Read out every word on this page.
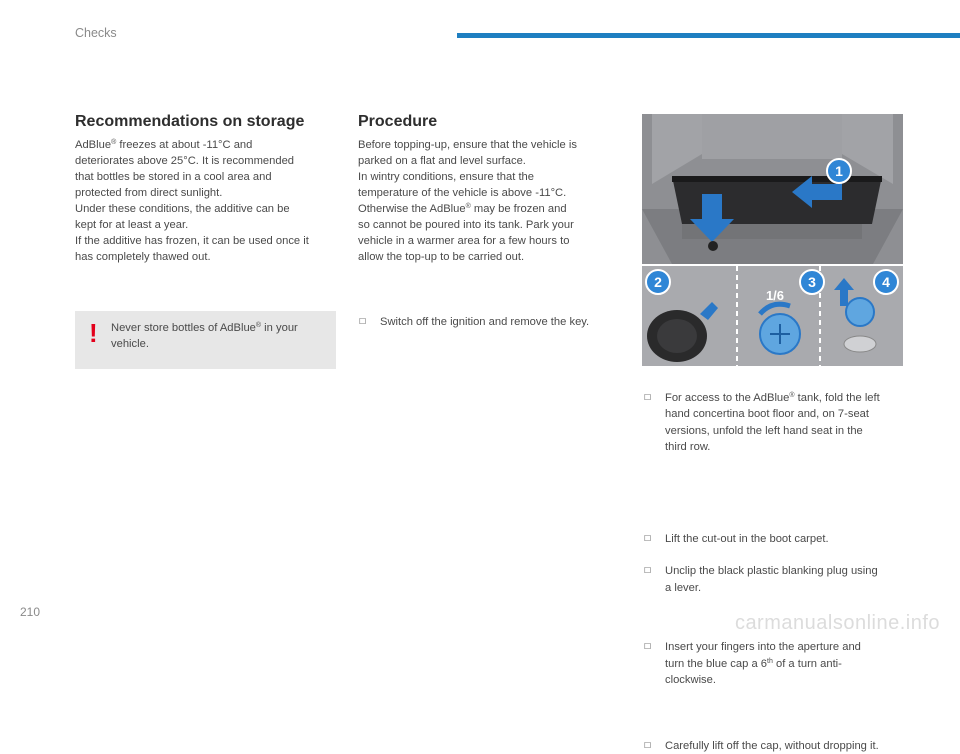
Checks
Recommendations on storage

AdBlue® freezes at about -11°C and

deteriorates above 25°C. It is recommended

that bottles be stored in a cool area and

protected from direct sunlight.

Under these conditions, the additive can be

kept for at least a year.

If the additive has frozen, it can be used once it

has completely thawed out.

! Never store bottles of AdBlue® in your

vehicle.

Procedure

Before topping-up, ensure that the vehicle is

parked on a flat and level surface.

In wintry conditions, ensure that the

temperature of the vehicle is above -11°C.

Otherwise the AdBlue® may be frozen and

so cannot be poured into its tank. Park your

vehicle in a warmer area for a few hours to

allow the top-up to be carried out.

☐ Switch off the ignition and remove the key.
1
2
1/6
3	4
☐ For access to the AdBlue® tank, fold the left
hand concertina boot floor and, on 7-seat
versions, unfold the left hand seat in the
third row.
☐ Lift the cut-out in the boot carpet.
☐ Unclip the black plastic blanking plug using
a lever.
☐ Insert your fingers into the aperture and
turn the blue cap a 6th of a turn anti-
clockwise.
☐ Carefully lift off the cap, without dropping it.
210	carmanualsonline.info
